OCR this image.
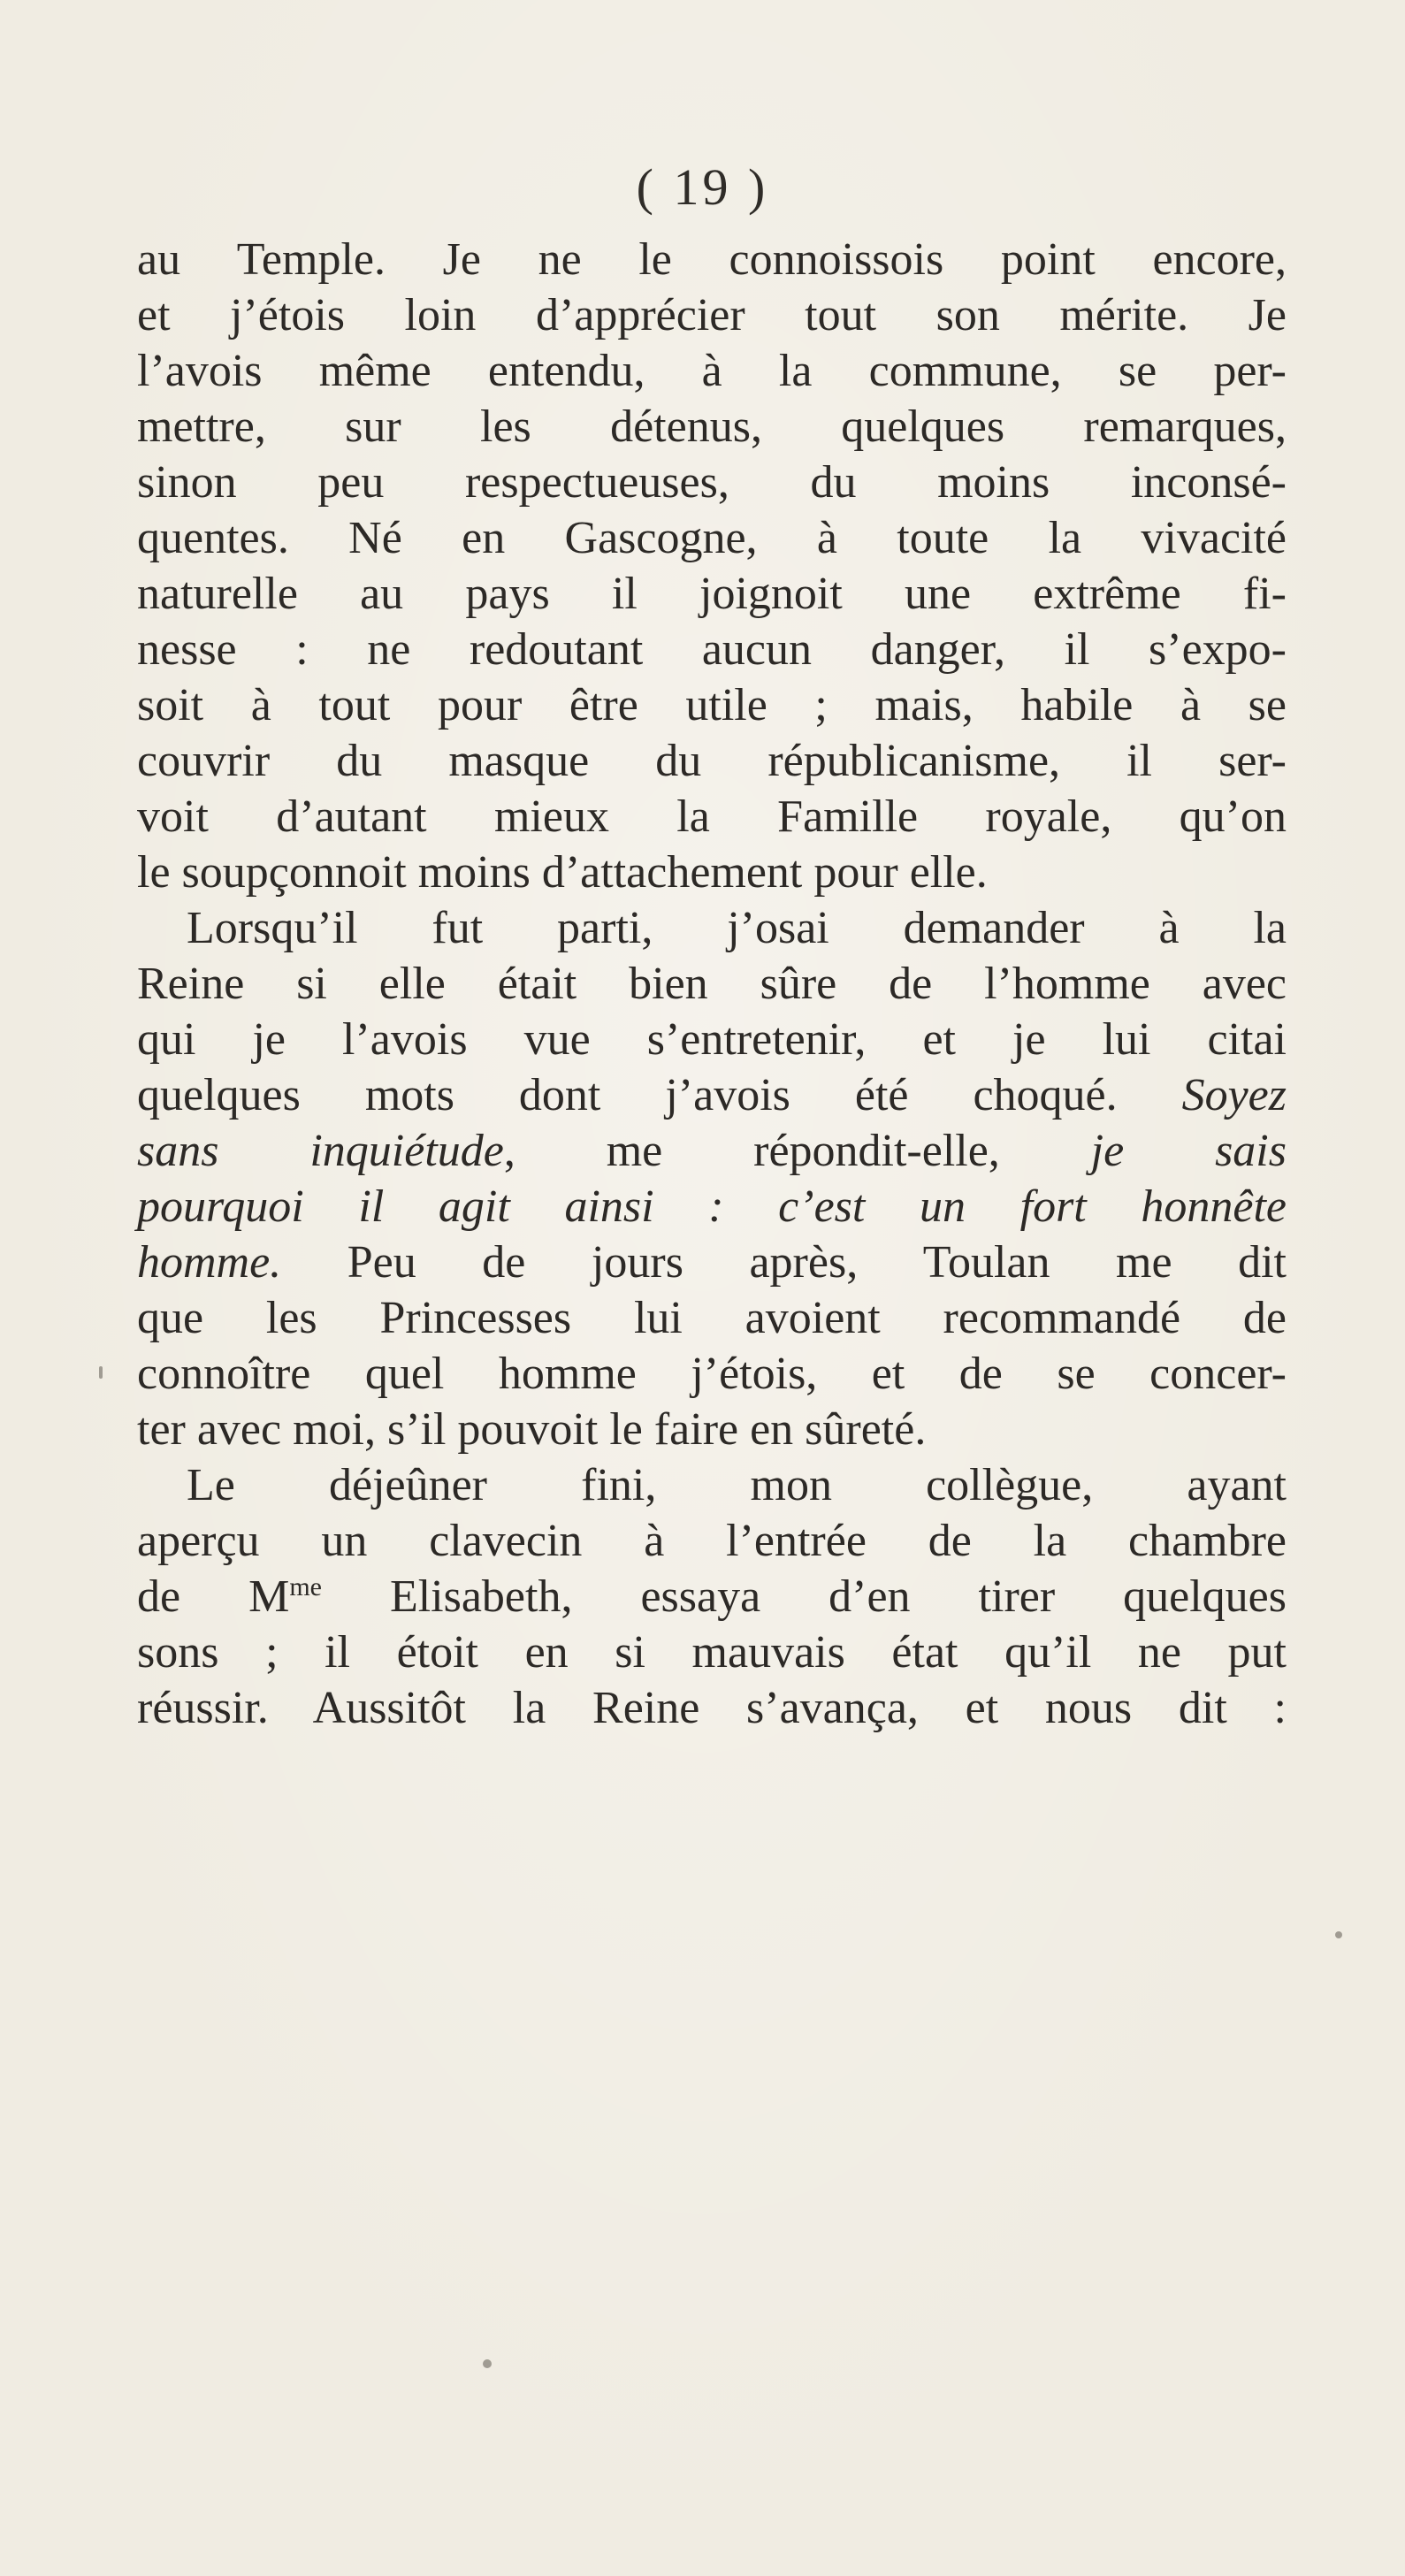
( 19 )
au Temple. Je ne le connoissois point encore,
et j’étois loin d’apprécier tout son mérite. Je
l’avois même entendu, à la commune, se per-
mettre, sur les détenus, quelques remarques,
sinon peu respectueuses, du moins inconsé-
quentes. Né en Gascogne, à toute la vivacité
naturelle au pays il joignoit une extrême fi-
nesse : ne redoutant aucun danger, il s’expo-
soit à tout pour être utile ; mais, habile à se
couvrir du masque du républicanisme, il ser-
voit d’autant mieux la Famille royale, qu’on
le soupçonnoit moins d’attachement pour elle.
Lorsqu’il fut parti, j’osai demander à la
Reine si elle était bien sûre de l’homme avec
qui je l’avois vue s’entretenir, et je lui citai
quelques mots dont j’avois été choqué. Soyez
sans inquiétude, me répondit-elle, je sais
pourquoi il agit ainsi : c’est un fort honnête
homme. Peu de jours après, Toulan me dit
que les Princesses lui avoient recommandé de
connoître quel homme j’étois, et de se concer-
ter avec moi, s’il pouvoit le faire en sûreté.
Le déjeûner fini, mon collègue, ayant
aperçu un clavecin à l’entrée de la chambre
de $M^{me}$ Elisabeth, essaya d’en tirer quelques
sons ; il étoit en si mauvais état qu’il ne put
réussir. Aussitôt la Reine s’avança, et nous dit :
